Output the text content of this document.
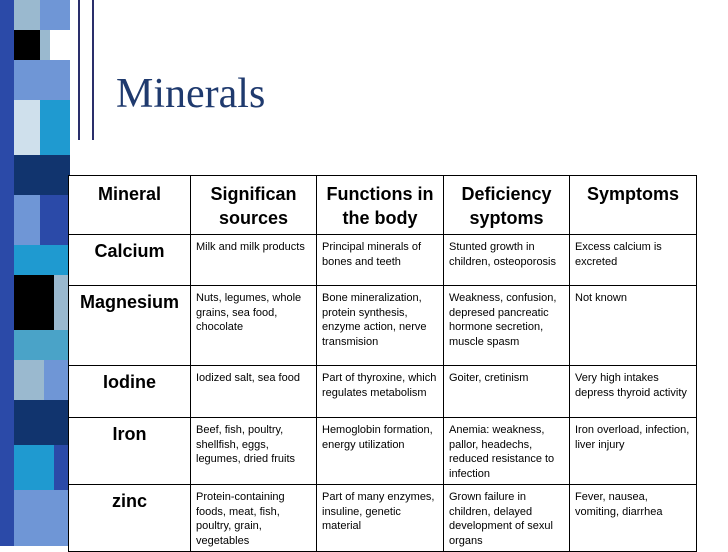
Minerals
Mineral	Significan sources	Functions in the body	Deficiency syptoms	Symptoms
Calcium	Milk and milk products	Principal minerals of bones and teeth	Stunted growth in children, osteoporosis	Excess calcium is excreted
Magnesium	Nuts, legumes, whole grains, sea food, chocolate	Bone mineralization, protein synthesis, enzyme action, nerve transmision	Weakness, confusion, depresed pancreatic hormone secretion, muscle spasm	Not known
Iodine	Iodized salt, sea food	Part of thyroxine, which regulates metabolism	Goiter, cretinism	Very high intakes depress thyroid activity
Iron	Beef, fish, poultry, shellfish, eggs, legumes, dried fruits	Hemoglobin formation, energy utilization	Anemia: weakness, pallor, headechs, reduced resistance to infection	Iron overload, infection, liver injury
zinc	Protein-containing foods, meat, fish, poultry, grain, vegetables	Part of many enzymes, insuline, genetic material	Grown failure in children, delayed development of sexul organs	Fever, nausea, vomiting, diarrhea
